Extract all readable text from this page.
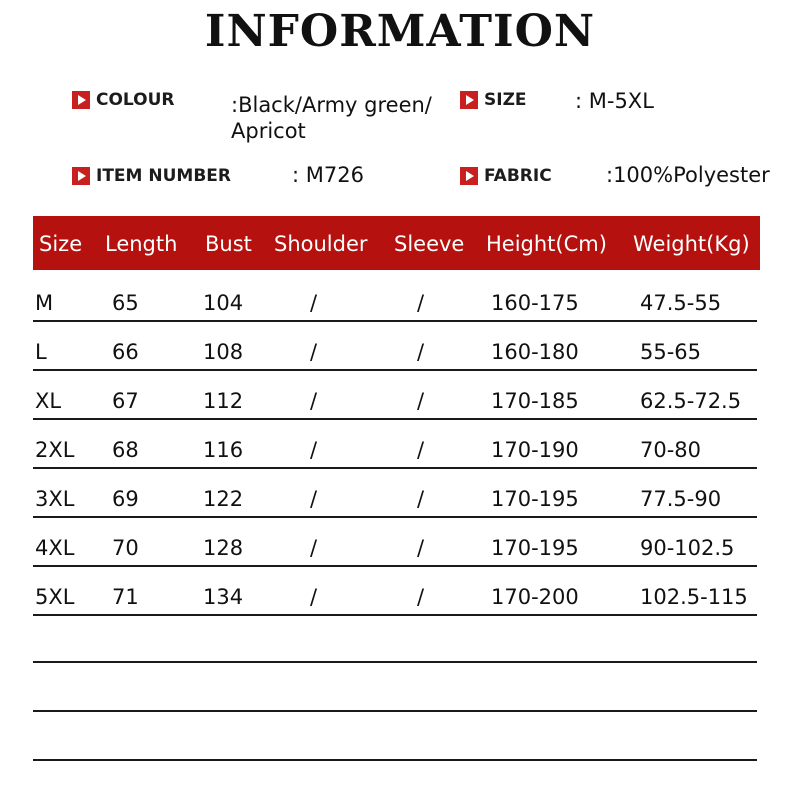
INFORMATION
COLOUR	:Black/Army green/ Apricot
SIZE : M-5XL
ITEM NUMBER	: M726	FABRIC	:100%Polyester
Size Length Bust Shoulder Sleeve Height(Cm) Weight(Kg)
M	65	104	/	/	160-175	47.5-55
L	66	108	/	/	160-180	55-65
XL 67	112	/	/	170-185	62.5-72.5
2XL 68	116	/	/	170-190	70-80
3XL 69	122	/	/	170-195	77.5-90
4XL 70	128	/	/	170-195	90-102.5
5XL 71	134	/	/	170-200	102.5-115
